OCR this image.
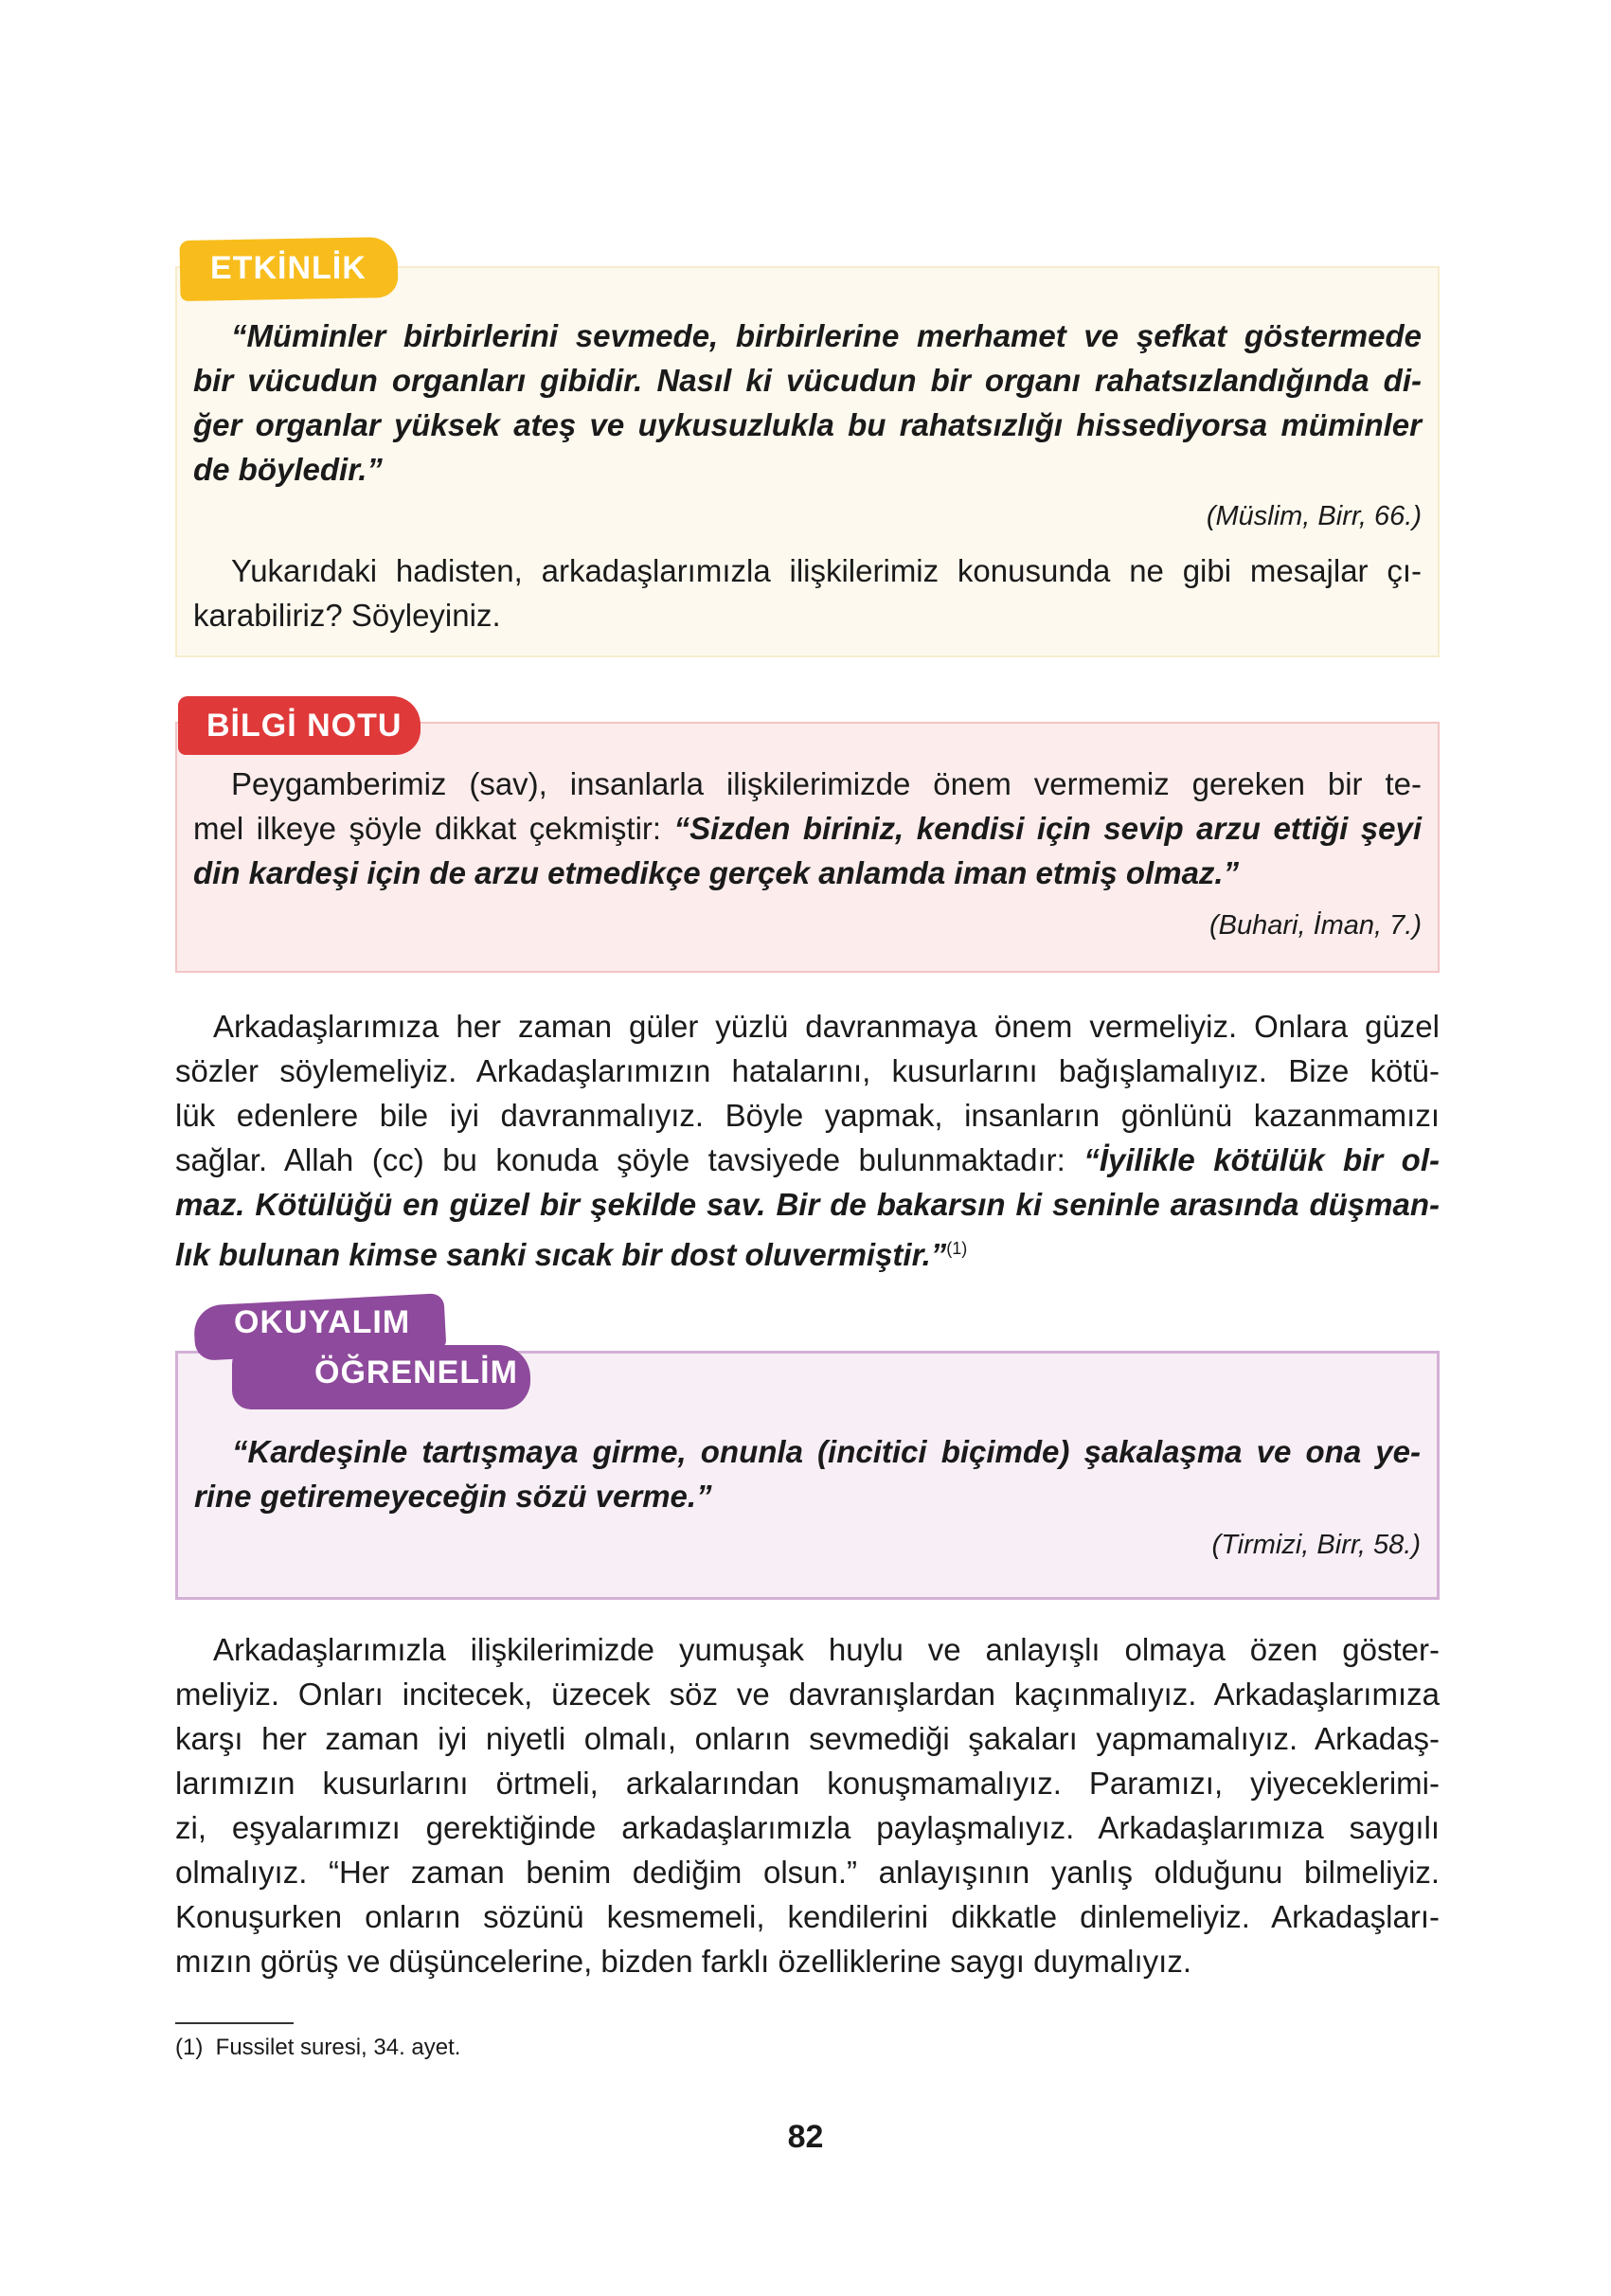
“Müminler birbirlerini sevmede, birbirlerine merhamet ve şefkat göstermede
bir vücudun organları gibidir. Nasıl ki vücudun bir organı rahatsızlandığında di-
ğer organlar yüksek ateş ve uykusuzlukla bu rahatsızlığı hissediyorsa müminler
de böyledir.”
(Müslim, Birr, 66.)
Yukarıdaki hadisten, arkadaşlarımızla ilişkilerimiz konusunda ne gibi mesajlar çı-
karabiliriz? Söyleyiniz.
ETKİNLİK
Peygamberimiz (sav), insanlarla ilişkilerimizde önem vermemiz gereken bir te-
mel ilkeye şöyle dikkat çekmiştir: “Sizden biriniz, kendisi için sevip arzu ettiği şeyi
din kardeşi için de arzu etmedikçe gerçek anlamda iman etmiş olmaz.”
(Buhari, İman, 7.)
BİLGİ NOTU
Arkadaşlarımıza her zaman güler yüzlü davranmaya önem vermeliyiz. Onlara güzel
sözler söylemeliyiz. Arkadaşlarımızın hatalarını, kusurlarını bağışlamalıyız. Bize kötü-
lük edenlere bile iyi davranmalıyız. Böyle yapmak, insanların gönlünü kazanmamızı
sağlar. Allah (cc) bu konuda şöyle tavsiyede bulunmaktadır: “İyilikle kötülük bir ol-
maz. Kötülüğü en güzel bir şekilde sav. Bir de bakarsın ki seninle arasında düşman-
lık bulunan kimse sanki sıcak bir dost oluvermiştir.”$^{(1)}$
“Kardeşinle tartışmaya girme, onunla (incitici biçimde) şakalaşma ve ona ye-
rine getiremeyeceğin sözü verme.”
(Tirmizi, Birr, 58.)
OKUYALIM
ÖĞRENELİM
Arkadaşlarımızla ilişkilerimizde yumuşak huylu ve anlayışlı olmaya özen göster-
meliyiz. Onları incitecek, üzecek söz ve davranışlardan kaçınmalıyız. Arkadaşlarımıza
karşı her zaman iyi niyetli olmalı, onların sevmediği şakaları yapmamalıyız. Arkadaş-
larımızın kusurlarını örtmeli, arkalarından konuşmamalıyız. Paramızı, yiyeceklerimi-
zi, eşyalarımızı gerektiğinde arkadaşlarımızla paylaşmalıyız. Arkadaşlarımıza saygılı
olmalıyız. “Her zaman benim dediğim olsun.” anlayışının yanlış olduğunu bilmeliyiz.
Konuşurken onların sözünü kesmemeli, kendilerini dikkatle dinlemeliyiz. Arkadaşları-
mızın görüş ve düşüncelerine, bizden farklı özelliklerine saygı duymalıyız.
(1)  Fussilet suresi, 34. ayet.
82
